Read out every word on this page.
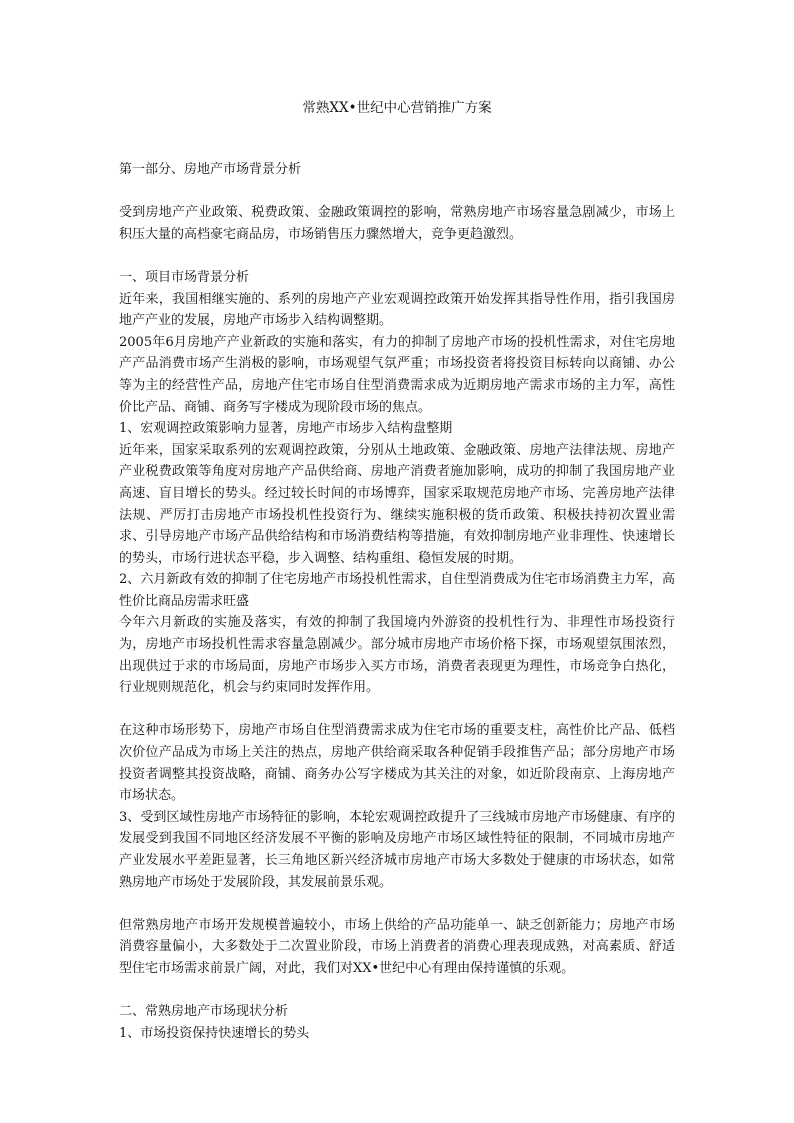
常熟XX•世纪中心营销推广方案

第一部分、房地产市场背景分析

受到房地产产业政策、税费政策、金融政策调控的影响，常熟房地产市场容量急剧减少，市场上积压大量的高档豪宅商品房，市场销售压力骤然增大，竞争更趋激烈。

一、项目市场背景分析

近年来，我国相继实施的、系列的房地产产业宏观调控政策开始发挥其指导性作用，指引我国房地产产业的发展，房地产市场步入结构调整期。

2005年6月房地产产业新政的实施和落实，有力的抑制了房地产市场的投机性需求，对住宅房地产产品消费市场产生消极的影响，市场观望气氛严重；市场投资者将投资目标转向以商铺、办公等为主的经营性产品，房地产住宅市场自住型消费需求成为近期房地产需求市场的主力军，高性价比产品、商铺、商务写字楼成为现阶段市场的焦点。

1、宏观调控政策影响力显著，房地产市场步入结构盘整期

近年来，国家采取系列的宏观调控政策，分别从土地政策、金融政策、房地产法律法规、房地产产业税费政策等角度对房地产产品供给商、房地产消费者施加影响，成功的抑制了我国房地产业高速、盲目增长的势头。经过较长时间的市场博弈，国家采取规范房地产市场、完善房地产法律法规、严厉打击房地产市场投机性投资行为、继续实施积极的货币政策、积极扶持初次置业需求、引导房地产市场产品供给结构和市场消费结构等措施，有效抑制房地产业非理性、快速增长的势头，市场行进状态平稳，步入调整、结构重组、稳恒发展的时期。

2、六月新政有效的抑制了住宅房地产市场投机性需求，自住型消费成为住宅市场消费主力军，高性价比商品房需求旺盛

今年六月新政的实施及落实，有效的抑制了我国境内外游资的投机性行为、非理性市场投资行为，房地产市场投机性需求容量急剧减少。部分城市房地产市场价格下探，市场观望氛围浓烈，出现供过于求的市场局面，房地产市场步入买方市场，消费者表现更为理性，市场竞争白热化，行业规则规范化，机会与约束同时发挥作用。

在这种市场形势下，房地产市场自住型消费需求成为住宅市场的重要支柱，高性价比产品、低档次价位产品成为市场上关注的热点，房地产供给商采取各种促销手段推售产品；部分房地产市场投资者调整其投资战略，商铺、商务办公写字楼成为其关注的对象，如近阶段南京、上海房地产市场状态。

3、受到区域性房地产市场特征的影响，本轮宏观调控政提升了三线城市房地产市场健康、有序的发展受到我国不同地区经济发展不平衡的影响及房地产市场区域性特征的限制，不同城市房地产产业发展水平差距显著，长三角地区新兴经济城市房地产市场大多数处于健康的市场状态，如常熟房地产市场处于发展阶段，其发展前景乐观。

但常熟房地产市场开发规模普遍较小，市场上供给的产品功能单一、缺乏创新能力；房地产市场消费容量偏小，大多数处于二次置业阶段，市场上消费者的消费心理表现成熟，对高素质、舒适型住宅市场需求前景广阔，对此，我们对XX•世纪中心有理由保持谨慎的乐观。

二、常熟房地产市场现状分析

1、市场投资保持快速增长的势头
